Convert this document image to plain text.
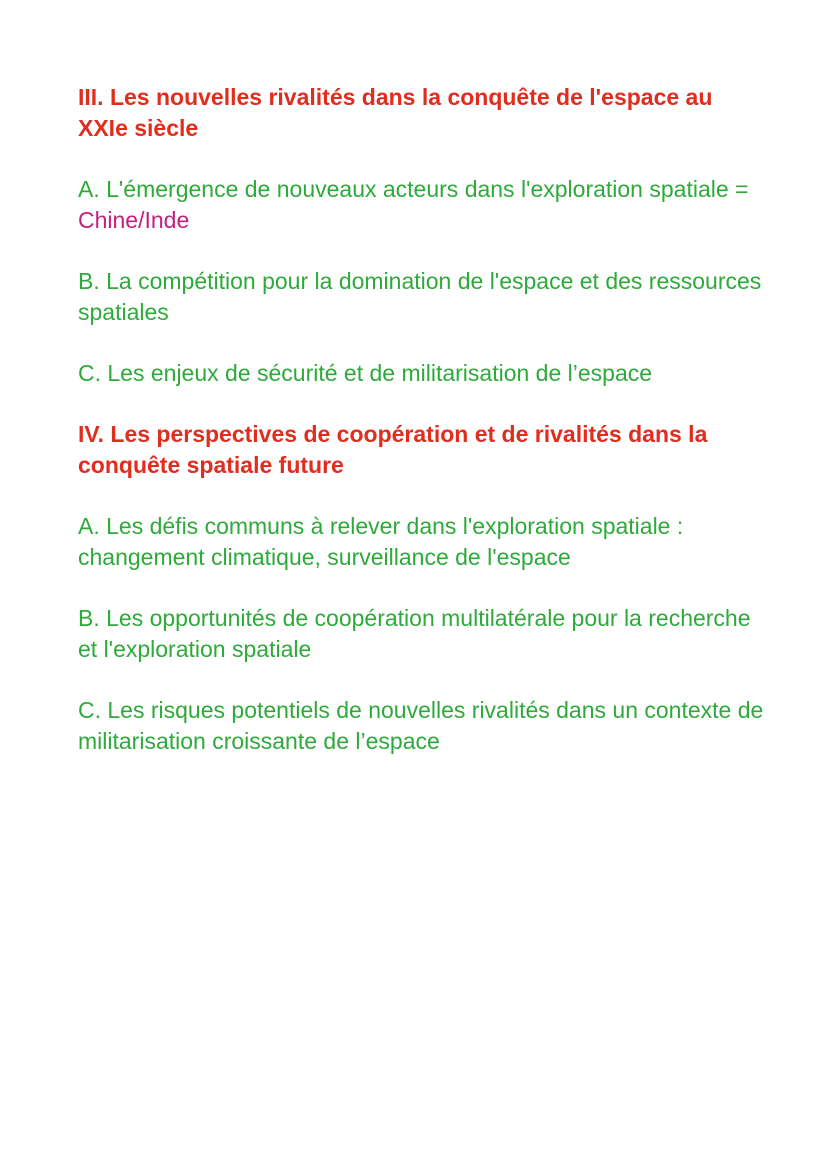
III. Les nouvelles rivalités dans la conquête de l'espace au XXIe siècle
A. L'émergence de nouveaux acteurs dans l'exploration spatiale = Chine/Inde
B. La compétition pour la domination de l'espace et des ressources spatiales
C. Les enjeux de sécurité et de militarisation de l’espace
IV. Les perspectives de coopération et de rivalités dans la conquête spatiale future
A. Les défis communs à relever dans l'exploration spatiale : changement climatique, surveillance de l'espace
B. Les opportunités de coopération multilatérale pour la recherche et l'exploration spatiale
C. Les risques potentiels de nouvelles rivalités dans un contexte de militarisation croissante de l’espace
